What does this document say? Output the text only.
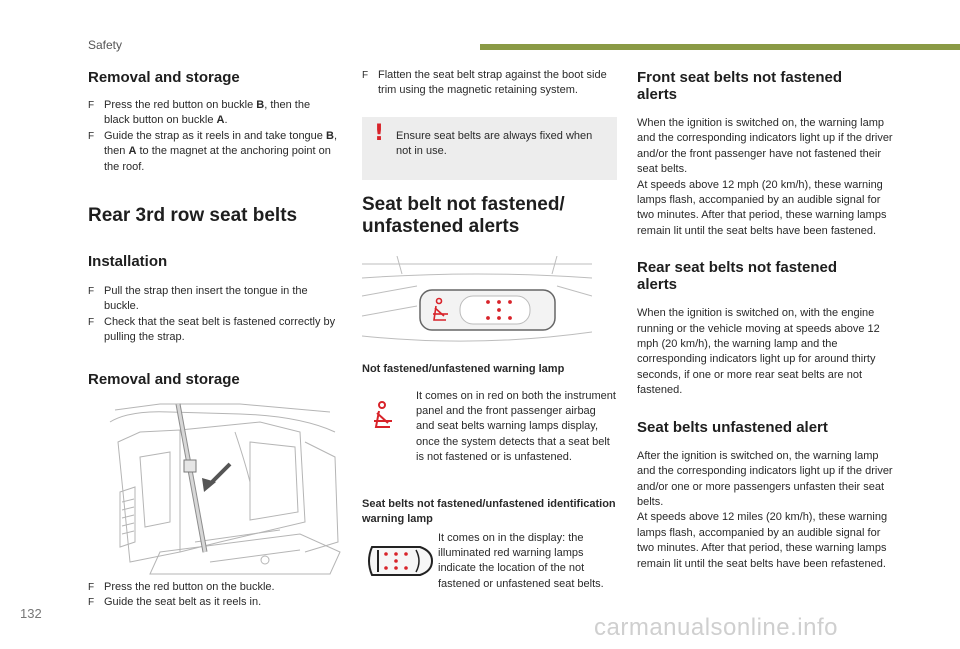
Safety
Removal and storage
F Press the red button on buckle B, then the black button on buckle A.
F Guide the strap as it reels in and take tongue B, then A to the magnet at the anchoring point on the roof.
Rear 3rd row seat belts
Installation
F Pull the strap then insert the tongue in the buckle.
F Check that the seat belt is fastened correctly by pulling the strap.
Removal and storage
F Press the red button on the buckle.
F Guide the seat belt as it reels in.
F Flatten the seat belt strap against the boot side trim using the magnetic retaining system.
! Ensure seat belts are always fixed when not in use.
Seat belt not fastened/ unfastened alerts
Not fastened/unfastened warning lamp

It comes on in red on both the instrument panel and the front passenger airbag and seat belts warning lamps display, once the system detects that a seat belt is not fastened or is unfastened.

Seat belts not fastened/unfastened identification warning lamp

It comes on in the display: the illuminated red warning lamps indicate the location of the not fastened or unfastened seat belts.

Front seat belts not fastened alerts

When the ignition is switched on, the warning lamp and the corresponding indicators light up if the driver and/or the front passenger have not fastened their seat belts.

At speeds above 12 mph (20 km/h), these warning lamps flash, accompanied by an audible signal for two minutes. After that period, these warning lamps remain lit until the seat belts have been fastened.

Rear seat belts not fastened alerts

When the ignition is switched on, with the engine running or the vehicle moving at speeds above 12 mph (20 km/h), the warning lamp and the corresponding indicators light up for around thirty seconds, if one or more rear seat belts are not fastened.

Seat belts unfastened alert

After the ignition is switched on, the warning lamp and the corresponding indicators light up if the driver and/or one or more passengers unfasten their seat belts.

At speeds above 12 miles (20 km/h), these warning lamps flash, accompanied by an audible signal for two minutes. After that period, these warning lamps remain lit until the seat belts have been refastened.

132
carmanualsonline.info
